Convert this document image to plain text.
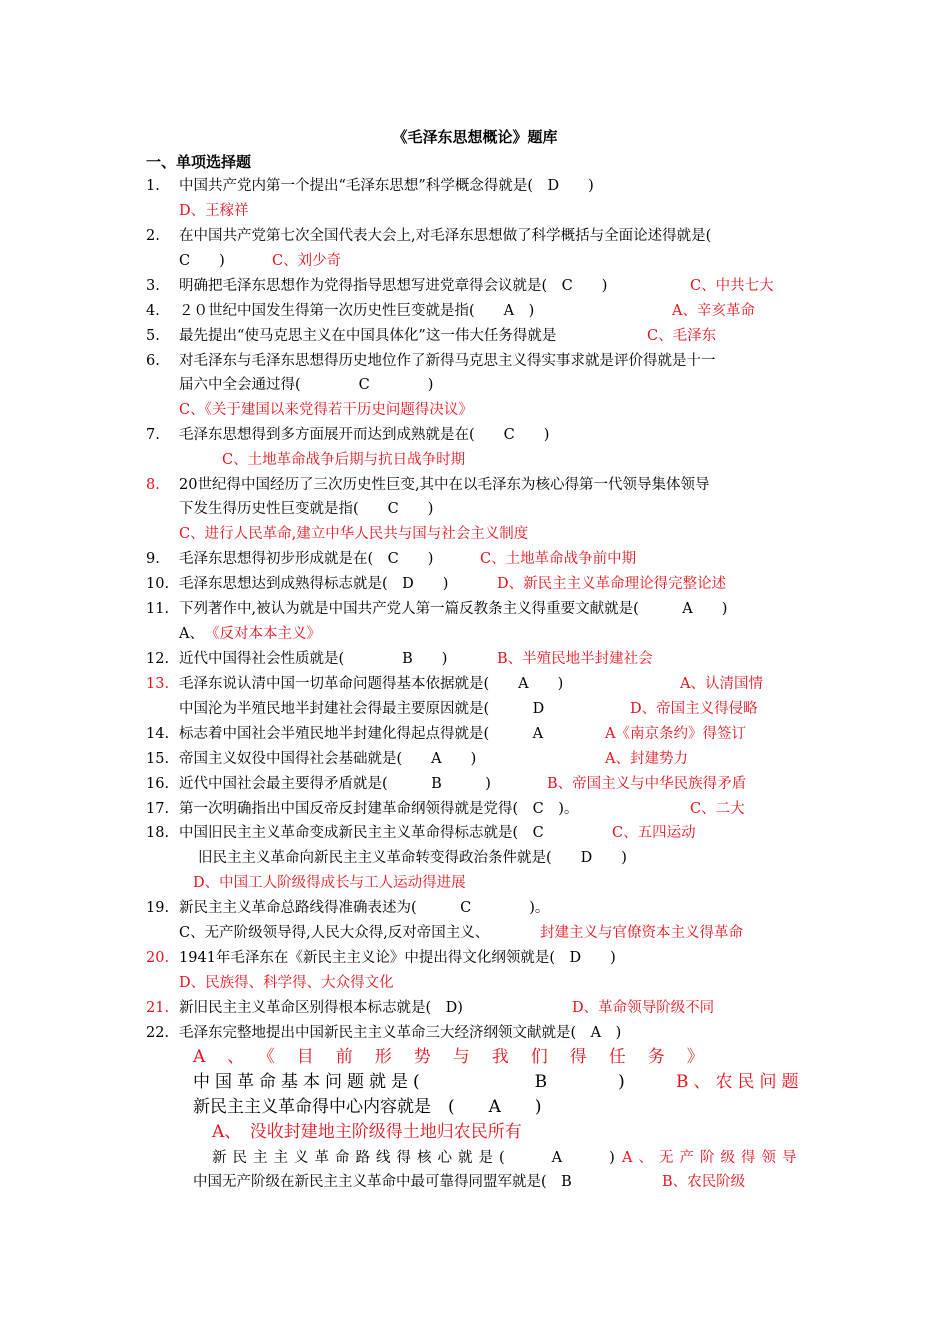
《毛泽东思想概论》题库
一、单项选择题
1. 中国共产党内第一个提出“毛泽东思想”科学概念得就是(　D　　)
D、王稼祥
2. 在中国共产党第七次全国代表大会上,对毛泽东思想做了科学概括与全面论述得就是(
C　　)	C、刘少奇
3. 明确把毛泽东思想作为党得指导思想写进党章得会议就是(　C　　)	C、中共七大
4. ２０世纪中国发生得第一次历史性巨变就是指(　　A　)	A、辛亥革命
5. 最先提出“使马克思主义在中国具体化”这一伟大任务得就是	C、毛泽东
6. 对毛泽东与毛泽东思想得历史地位作了新得马克思主义得实事求就是评价得就是十一
届六中全会通过得(　　　　C　　　　)
C、《关于建国以来党得若干历史问题得决议》
7. 毛泽东思想得到多方面展开而达到成熟就是在(　　C　　)
C、土地革命战争后期与抗日战争时期
8. 20世纪得中国经历了三次历史性巨变,其中在以毛泽东为核心得第一代领导集体领导
下发生得历史性巨变就是指(　　C　　)
C、进行人民革命,建立中华人民共与国与社会主义制度
9. 毛泽东思想得初步形成就是在(　C　　)	C、土地革命战争前中期
10. 毛泽东思想达到成熟得标志就是(　D　　)	D、新民主主义革命理论得完整论述
11. 下列著作中,被认为就是中国共产党人第一篇反教条主义得重要文献就是(　　　A　　)
A、 《反对本本主义》
12. 近代中国得社会性质就是(　　　　B　　)	B、半殖民地半封建社会
13. 毛泽东说认清中国一切革命问题得基本依据就是(　　A　　)	A、认清国情
中国沦为半殖民地半封建社会得最主要原因就是(　　　D	D、帝国主义得侵略
14. 标志着中国社会半殖民地半封建化得起点得就是(　　　A	A《南京条约》得签订
15. 帝国主义奴役中国得社会基础就是(　　A　　)	A、封建势力
16. 近代中国社会最主要得矛盾就是(　　　B　　　)	B、帝国主义与中华民族得矛盾
17. 第一次明确指出中国反帝反封建革命纲领得就是党得(　C　)。	C、二大
18. 中国旧民主主义革命变成新民主主义革命得标志就是(　C	C、五四运动
旧民主主义革命向新民主主义革命转变得政治条件就是(　　D　　)
D、中国工人阶级得成长与工人运动得进展
19. 新民主主义革命总路线得准确表述为(　　　C　　　　)。
C、无产阶级领导得,人民大众得,反对帝国主义、	封建主义与官僚资本主义得革命
20. 1941年毛泽东在《新民主主义论》中提出得文化纲领就是(　D　　)
D、民族得、科学得、大众得文化
21. 新旧民主主义革命区别得根本标志就是(　D)	D、革命领导阶级不同
22. 毛泽东完整地提出中国新民主主义革命三大经济纲领文献就是(　A　)
A、《目前形势与我们得任务》
中国革命基本问题就是(　　　　　B　　　)	B、农民问题
新民主主义革命得中心内容就是　(　　A　　)
A、　没收封建地主阶级得土地归农民所有
新民主主义革命路线得核心就是(　　A　　) A、无产阶级得领导
中国无产阶级在新民主主义革命中最可靠得同盟军就是(　B	B、农民阶级
